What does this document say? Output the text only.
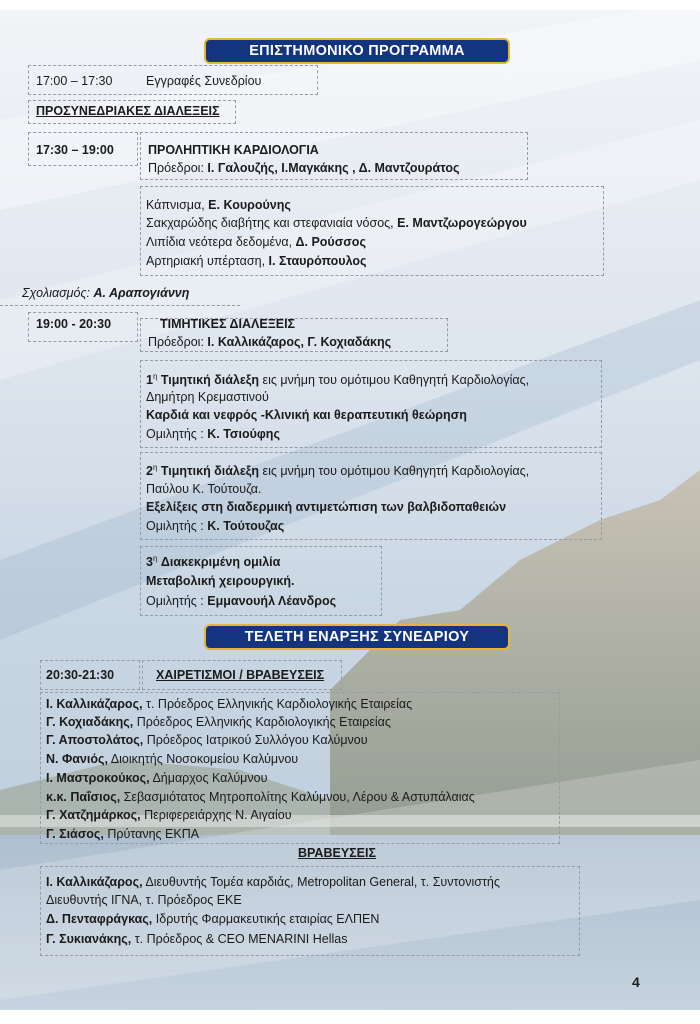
ΕΠΙΣΤΗΜΟΝΙΚΟ ΠΡΟΓΡΑΜΜΑ
17:00 – 17:30	Εγγραφές Συνεδρίου
ΠΡΟΣΥΝΕΔΡΙΑΚΕΣ ΔΙΑΛΕΞΕΙΣ
17:30 – 19:00	ΠΡΟΛΗΠΤΙΚΗ ΚΑΡΔΙΟΛΟΓΙΑ
Πρόεδροι: Ι. Γαλουζής, Ι.Μαγκάκης , Δ. Μαντζουράτος
Κάπνισμα, Ε. Κουρούνης
Σακχαρώδης διαβήτης και στεφανιαία νόσος, Ε. Μαντζωρογεώργου
Λιπίδια νεότερα δεδομένα, Δ. Ρούσσος
Αρτηριακή υπέρταση, Ι. Σταυρόπουλος
Σχολιασμός: Α. Αραπογιάννη
19:00 - 20:30	ΤΙΜΗΤΙΚΕΣ ΔΙΑΛΕΞΕΙΣ
Πρόεδροι: Ι. Καλλικάζαρος, Γ. Κοχιαδάκης
$1^\eta$ Τιμητική διάλεξη εις μνήμη του ομότιμου Καθηγητή Καρδιολογίας,
Δημήτρη Κρεμαστινού
Καρδιά και νεφρός -Κλινική και θεραπευτική θεώρηση
Ομιλητής : Κ. Τσιούφης
$2^\eta$ Τιμητική διάλεξη εις μνήμη του ομότιμου Καθηγητή Καρδιολογίας,
Παύλου Κ. Τούτουζα.
Εξελίξεις στη διαδερμική αντιμετώπιση των βαλβιδοπαθειών
Ομιλητής : Κ. Τούτουζας
$3^\eta$ Διακεκριμένη ομιλία
Μεταβολική χειρουργική.
Ομιλητής : Εμμανουήλ Λέανδρος
ΤΕΛΕΤΗ ΕΝΑΡΞΗΣ ΣΥΝΕΔΡΙΟΥ
20:30-21:30	ΧΑΙΡΕΤΙΣΜΟΙ / ΒΡΑΒΕΥΣΕΙΣ
Ι. Καλλικάζαρος, τ. Πρόεδρος Ελληνικής Καρδιολογικής Εταιρείας
Γ. Κοχιαδάκης, Πρόεδρος Ελληνικής Καρδιολογικής Εταιρείας
Γ. Αποστολάτος, Πρόεδρος Ιατρικού Συλλόγου Καλύμνου
Ν. Φανιός, Διοικητής Νοσοκομείου Καλύμνου
Ι. Μαστροκούκος, Δήμαρχος Καλύμνου
κ.κ. Παΐσιος, Σεβασμιότατος Μητροπολίτης Καλύμνου, Λέρου & Αστυπάλαιας
Γ. Χατζημάρκος, Περιφερειάρχης Ν. Αιγαίου
Γ. Σιάσος, Πρύτανης ΕΚΠΑ
ΒΡΑΒΕΥΣΕΙΣ
Ι. Καλλικάζαρος, Διευθυντής Τομέα καρδιάς, Metropolitan General, τ. Συντονιστής
Διευθυντής ΙΓΝΑ, τ. Πρόεδρος ΕΚΕ
Δ. Πενταφράγκας, Ιδρυτής Φαρμακευτικής εταιρίας ΕΛΠΕΝ
Γ. Συκιανάκης, τ. Πρόεδρος & CEO MENARINI Hellas
4
